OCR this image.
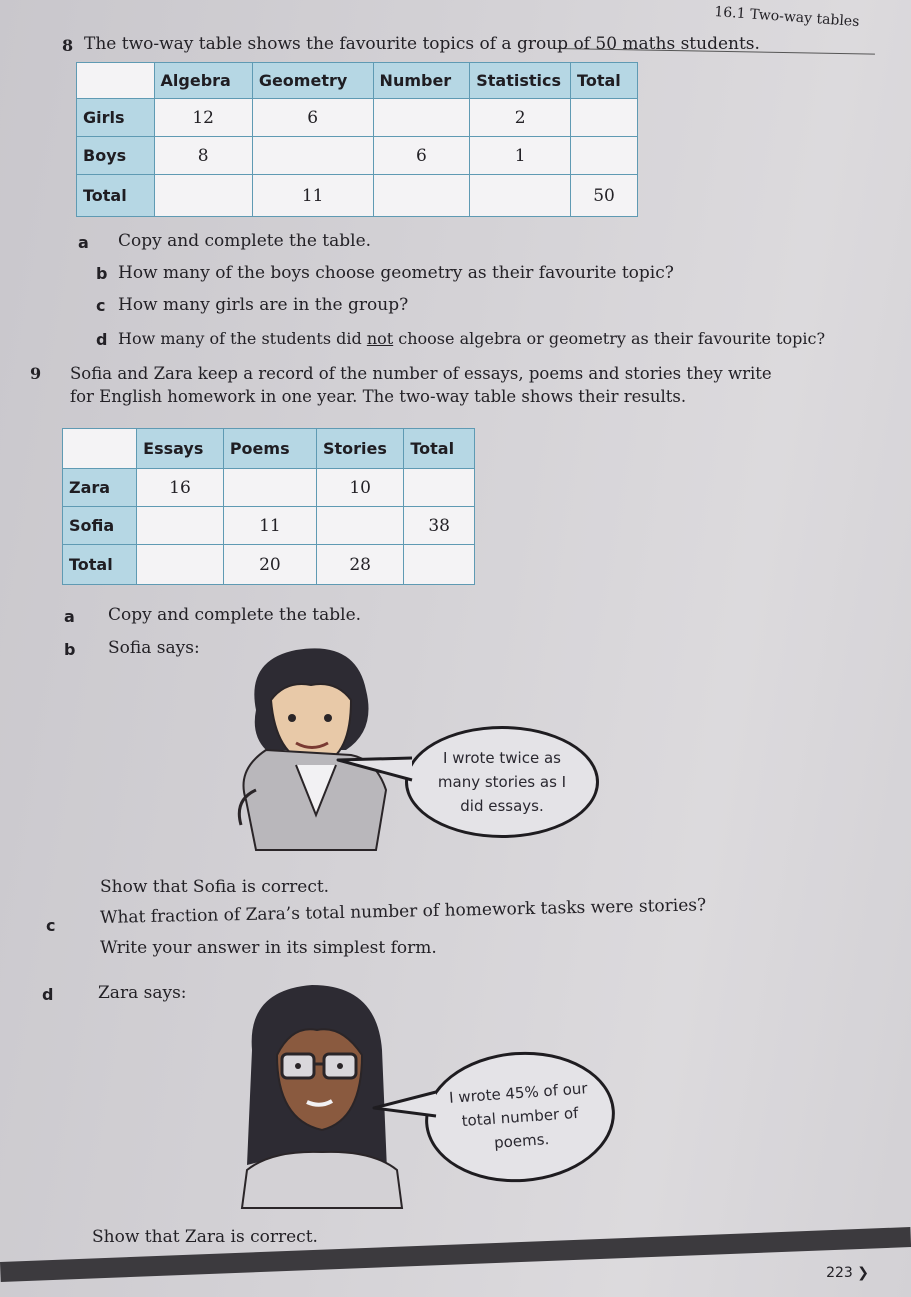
16.1 Two-way tables
8 The two-way table shows the favourite topics of a group of 50 maths students.
	Algebra	Geometry	Number	Statistics	Total
Girls	12	6		2	
Boys	8		6	1	
Total		11			50
a Copy and complete the table.
b How many of the boys choose geometry as their favourite topic?
c How many girls are in the group?
d How many of the students did not choose algebra or geometry as their favourite topic?
9 Sofia and Zara keep a record of the number of essays, poems and stories they write
for English homework in one year. The two-way table shows their results.
	Essays	Poems	Stories	Total
Zara	16		10	
Sofia		11		38
Total		20	28	
a Copy and complete the table.
b Sofia says:
I wrote twice as many stories as I did essays.
Show that Sofia is correct.
c	What fraction of Zara’s total number of homework tasks were stories?
Write your answer in its simplest form.
d	Zara says:
I wrote 45% of our total number of poems.
Show that Zara is correct.
223 ❯
